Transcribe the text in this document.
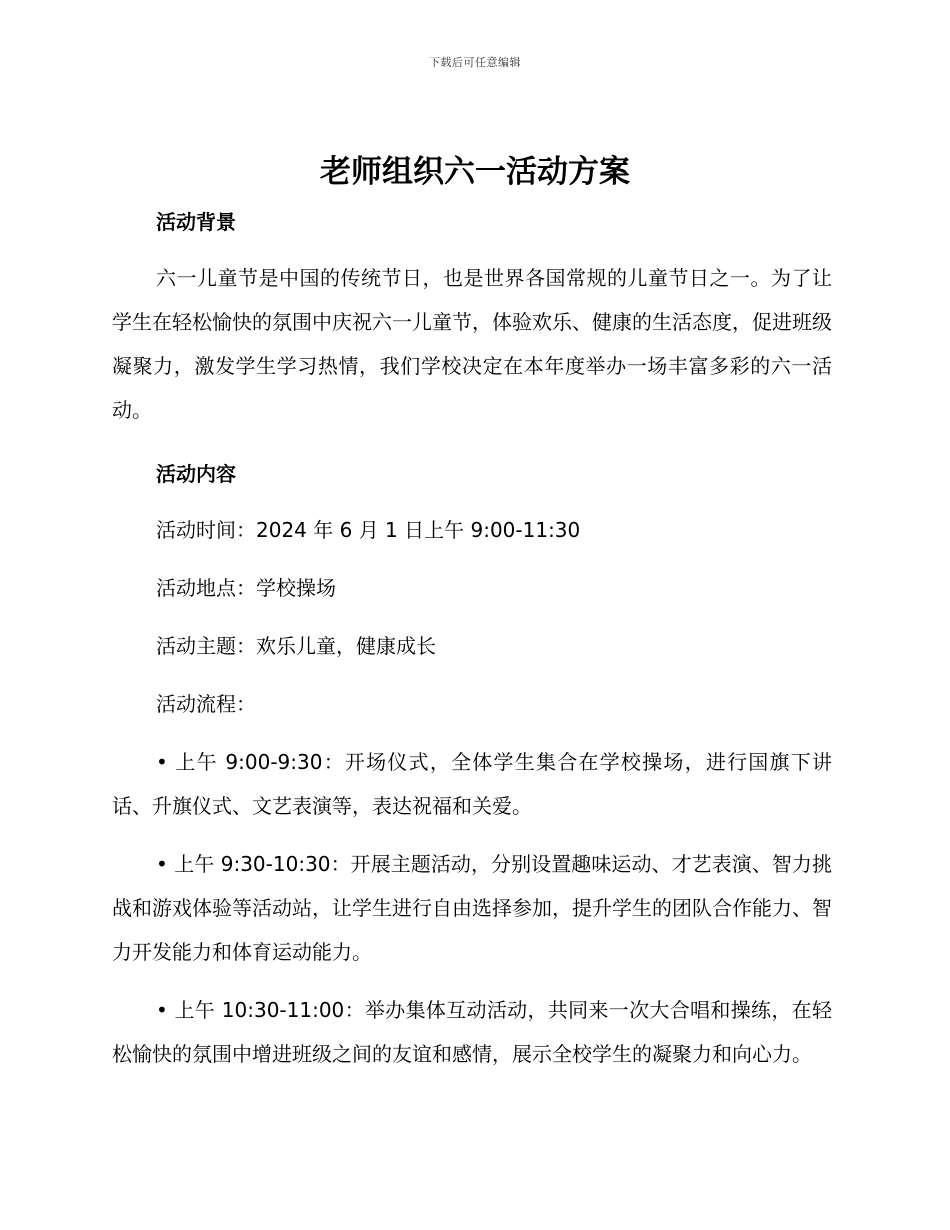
下载后可任意编辑
老师组织六一活动方案

活动背景

六一儿童节是中国的传统节日，也是世界各国常规的儿童节日之一。为了让学生在轻松愉快的氛围中庆祝六一儿童节，体验欢乐、健康的生活态度，促进班级凝聚力，激发学生学习热情，我们学校决定在本年度举办一场丰富多彩的六一活动。

活动内容

活动时间：2024 年 6 月 1 日上午 9:00-11:30

活动地点：学校操场

活动主题：欢乐儿童，健康成长

活动流程：

• 上午 9:00-9:30：开场仪式，全体学生集合在学校操场，进行国旗下讲话、升旗仪式、文艺表演等，表达祝福和关爱。

• 上午 9:30-10:30：开展主题活动，分别设置趣味运动、才艺表演、智力挑战和游戏体验等活动站，让学生进行自由选择参加，提升学生的团队合作能力、智力开发能力和体育运动能力。

• 上午 10:30-11:00：举办集体互动活动，共同来一次大合唱和操练，在轻松愉快的氛围中增进班级之间的友谊和感情，展示全校学生的凝聚力和向心力。
